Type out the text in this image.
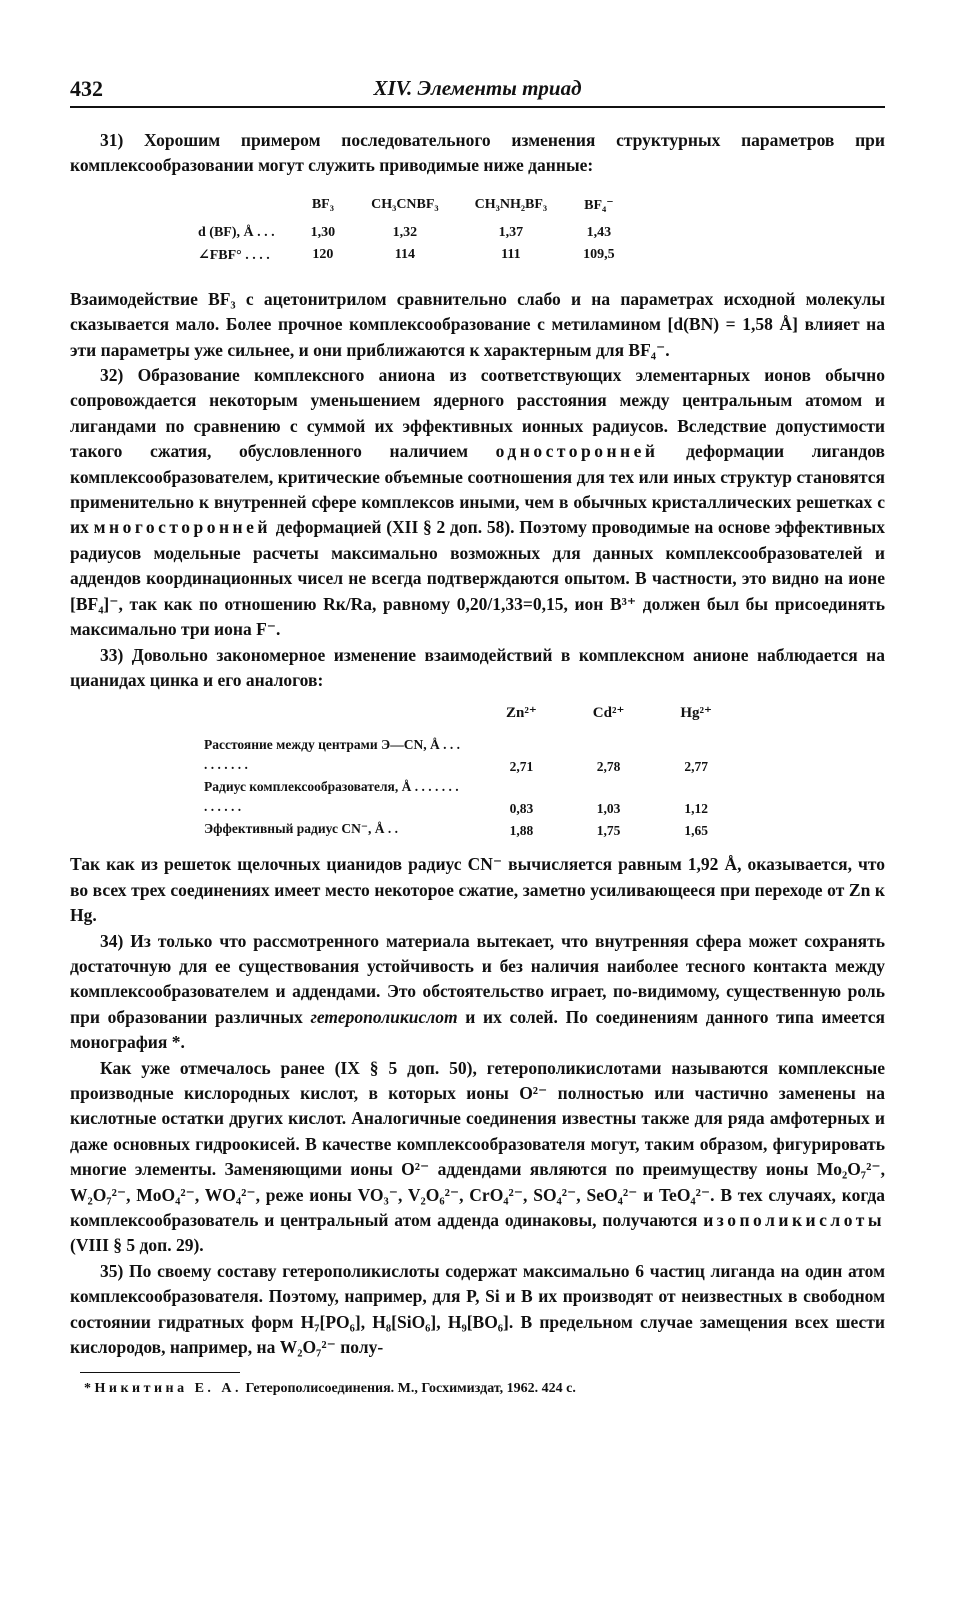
432	XIV. Элементы триад

31) Хорошим примером последовательного изменения структурных параметров при комплексообразовании могут служить приводимые ниже данные:

	BF₃	CH₃CNBF₃	CH₃NH₂BF₃	BF₄⁻
d (BF), Å . . .	1,30	1,32	1,37	1,43
∠FBF° . . . .	120	114	111	109,5

Взаимодействие BF₃ с ацетонитрилом сравнительно слабо и на параметрах исходной молекулы сказывается мало. Более прочное комплексообразование с метиламином [d(BN) = 1,58 Å] влияет на эти параметры уже сильнее, и они приближаются к характерным для BF₄⁻.

32) Образование комплексного аниона из соответствующих элементарных ионов обычно сопровождается некоторым уменьшением ядерного расстояния между центральным атомом и лигандами по сравнению с суммой их эффективных ионных радиусов. Вследствие допустимости такого сжатия, обусловленного наличием односторонней деформации лигандов комплексообразователем, критические объемные соотношения для тех или иных структур становятся применительно к внутренней сфере комплексов иными, чем в обычных кристаллических решетках с их многосторонней деформацией (XII § 2 доп. 58). Поэтому проводимые на основе эффективных радиусов модельные расчеты максимально возможных для данных комплексообразователей и аддендов координационных чисел не всегда подтверждаются опытом. В частности, это видно на ионе [BF₄]⁻, так как по отношению Rк/Rа, равному 0,20/1,33=0,15, ион B³⁺ должен был бы присоединять максимально три иона F⁻.

33) Довольно закономерное изменение взаимодействий в комплексном анионе наблюдается на цианидах цинка и его аналогов:

	Zn²⁺	Cd²⁺	Hg²⁺
Расстояние между центрами Э—CN, Å . . . . . . . . . .	2,71	2,78	2,77
Радиус комплексообразователя, Å . . . . . . . . . . . . .	0,83	1,03	1,12
Эффективный радиус CN⁻, Å . .	1,88	1,75	1,65

Так как из решеток щелочных цианидов радиус CN⁻ вычисляется равным 1,92 Å, оказывается, что во всех трех соединениях имеет место некоторое сжатие, заметно усиливающееся при переходе от Zn к Hg.

34) Из только что рассмотренного материала вытекает, что внутренняя сфера может сохранять достаточную для ее существования устойчивость и без наличия наиболее тесного контакта между комплексообразователем и аддендами. Это обстоятельство играет, по-видимому, существенную роль при образовании различных гетерополикислот и их солей. По соединениям данного типа имеется монография *.

Как уже отмечалось ранее (IX § 5 доп. 50), гетерополикислотами называются комплексные производные кислородных кислот, в которых ионы O²⁻ полностью или частично заменены на кислотные остатки других кислот. Аналогичные соединения известны также для ряда амфотерных и даже основных гидроокисей. В качестве комплексообразователя могут, таким образом, фигурировать многие элементы. Заменяющими ионы O²⁻ аддендами являются по преимуществу ионы Mo₂O₇²⁻, W₂O₇²⁻, MoO₄²⁻, WO₄²⁻, реже ионы VO₃⁻, V₂O₆²⁻, CrO₄²⁻, SO₄²⁻, SeO₄²⁻ и TeO₄²⁻. В тех случаях, когда комплексообразователь и центральный атом адденда одинаковы, получаются изополикислоты (VIII § 5 доп. 29).

35) По своему составу гетерополикислоты содержат максимально 6 частиц лиганда на один атом комплексообразователя. Поэтому, например, для P, Si и B их производят от неизвестных в свободном состоянии гидратных форм H₇[PO₆], H₈[SiO₆], H₉[BO₆]. В предельном случае замещения всех шести кислородов, например, на W₂O₇²⁻ полу-

* Никитина Е. А. Гетерополисоединения. М., Госхимиздат, 1962. 424 с.
